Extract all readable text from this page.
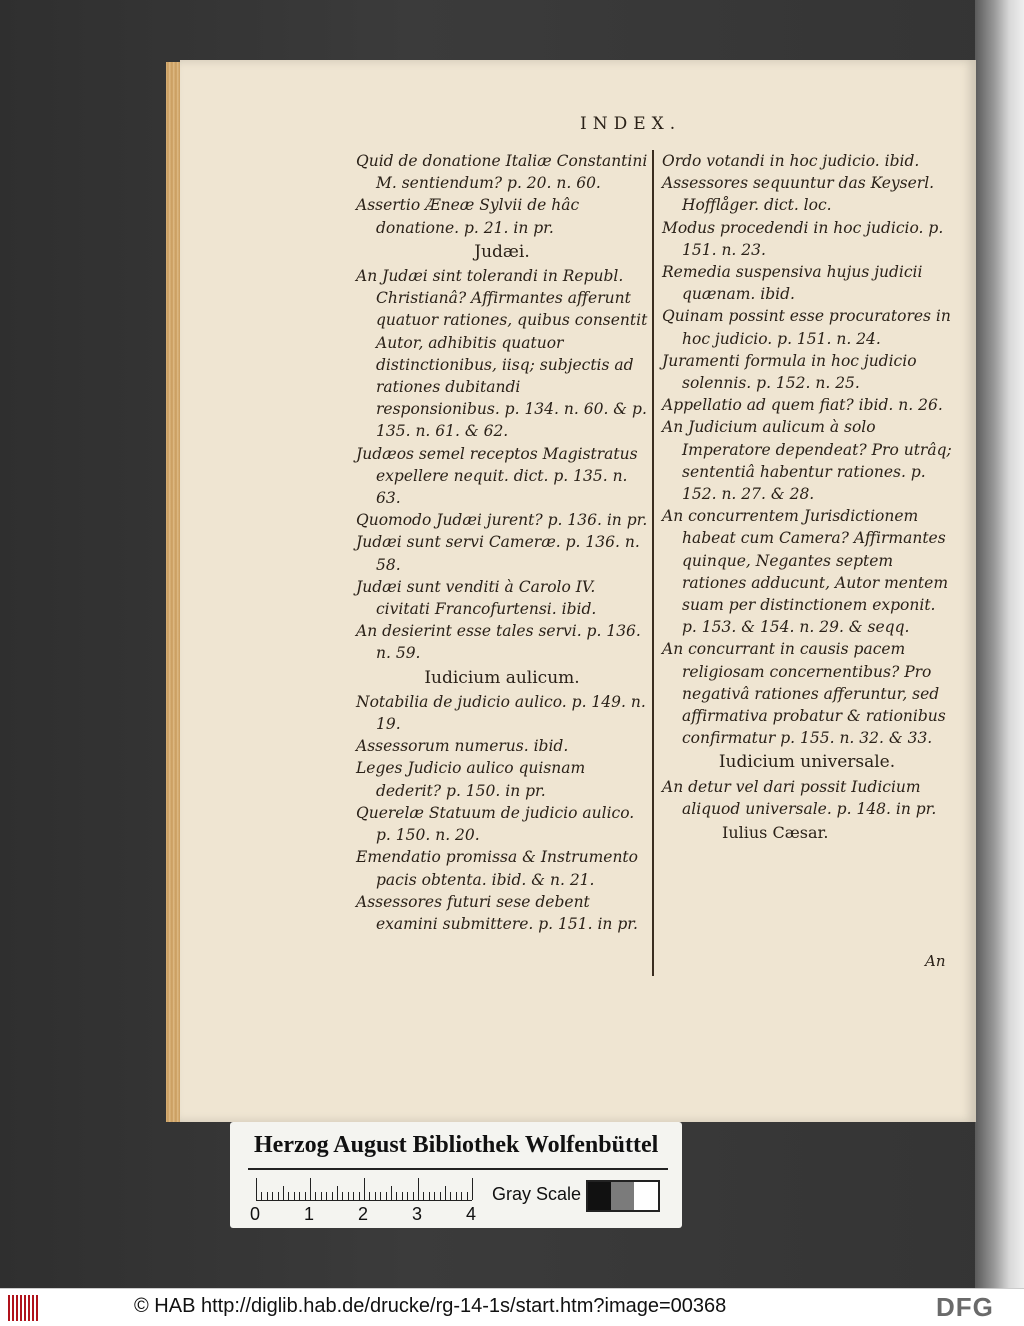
INDEX.

Quid de donatione Italiæ Constantini M. sentiendum? p. 20. n. 60.

Assertio Æneæ Sylvii de hâc donatione. p. 21. in pr.

Judæi.

An Judæi sint tolerandi in Republ. Christianâ? Affirmantes afferunt quatuor rationes, quibus consentit Autor, adhibitis quatuor distinctionibus, iisq; subjectis ad rationes dubitandi responsionibus. p. 134. n. 60. & p. 135. n. 61. & 62.

Judæos semel receptos Magistratus expellere nequit. dict. p. 135. n. 63.

Quomodo Judæi jurent? p. 136. in pr.

Judæi sunt servi Cameræ. p. 136. n. 58.

Judæi sunt venditi à Carolo IV. civitati Francofurtensi. ibid.

An desierint esse tales servi. p. 136. n. 59.

Iudicium aulicum.

Notabilia de judicio aulico. p. 149. n. 19.

Assessorum numerus. ibid.

Leges Judicio aulico quisnam dederit? p. 150. in pr.

Querelæ Statuum de judicio aulico. p. 150. n. 20.

Emendatio promissa & Instrumento pacis obtenta. ibid. & n. 21.

Assessores futuri sese debent examini submittere. p. 151. in pr.

Ordo votandi in hoc judicio. ibid.

Assessores sequuntur das Keyserl. Hofflåger. dict. loc.

Modus procedendi in hoc judicio. p. 151. n. 23.

Remedia suspensiva hujus judicii quænam. ibid.

Quinam possint esse procuratores in hoc judicio. p. 151. n. 24.

Juramenti formula in hoc judicio solennis. p. 152. n. 25.

Appellatio ad quem fiat? ibid. n. 26.

An Judicium aulicum à solo Imperatore dependeat? Pro utrâq; sententiâ habentur rationes. p. 152. n. 27. & 28.

An concurrentem Jurisdictionem habeat cum Camera? Affirmantes quinque, Negantes septem rationes adducunt, Autor mentem suam per distinctionem exponit. p. 153. & 154. n. 29. & seqq.

An concurrant in causis pacem religiosam concernentibus? Pro negativâ rationes afferuntur, sed affirmativa probatur & rationibus confirmatur p. 155. n. 32. & 33.

Iudicium universale.

An detur vel dari possit Iudicium aliquod universale. p. 148. in pr.

Iulius Cæsar.

An
Herzog August Bibliothek Wolfenbüttel
0 1 2 3 4
Gray Scale
© HAB http://diglib.hab.de/drucke/rg-14-1s/start.htm?image=00368	DFG
